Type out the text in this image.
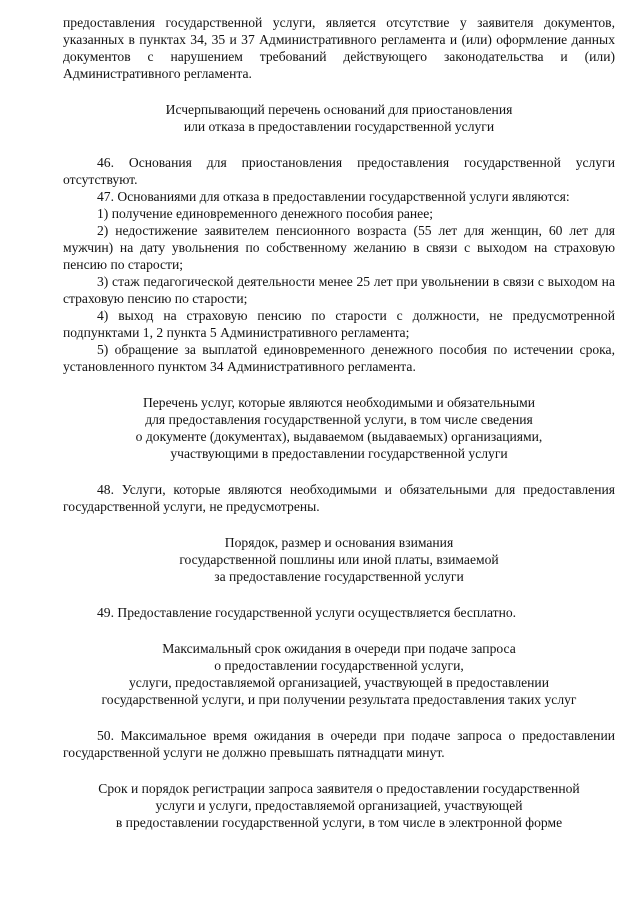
предоставления государственной услуги, является отсутствие у заявителя документов, указанных в пунктах 34, 35 и 37 Административного регламента и (или) оформление данных документов с нарушением требований действующего законодательства и (или) Административного регламента.

Исчерпывающий перечень оснований для приостановления
или отказа в предоставлении государственной услуги

46. Основания для приостановления предоставления государственной услуги отсутствуют.

47. Основаниями для отказа в предоставлении государственной услуги являются:

1) получение единовременного денежного пособия ранее;

2) недостижение заявителем пенсионного возраста (55 лет для женщин, 60 лет для мужчин) на дату увольнения по собственному желанию в связи с выходом на страховую пенсию по старости;

3) стаж педагогической деятельности менее 25 лет при увольнении в связи с выходом на страховую пенсию по старости;

4) выход на страховую пенсию по старости с должности, не предусмотренной подпунктами 1, 2 пункта 5 Административного регламента;

5) обращение за выплатой единовременного денежного пособия по истечении срока, установленного пунктом 34 Административного регламента.

Перечень услуг, которые являются необходимыми и обязательными
для предоставления государственной услуги, в том числе сведения
о документе (документах), выдаваемом (выдаваемых) организациями,
участвующими в предоставлении государственной услуги

48. Услуги, которые являются необходимыми и обязательными для предоставления государственной услуги, не предусмотрены.

Порядок, размер и основания взимания
государственной пошлины или иной платы, взимаемой
за предоставление государственной услуги

49. Предоставление государственной услуги осуществляется бесплатно.

Максимальный срок ожидания в очереди при подаче запроса
о предоставлении государственной услуги,
услуги, предоставляемой организацией, участвующей в предоставлении
государственной услуги, и при получении результата предоставления таких услуг

50. Максимальное время ожидания в очереди при подаче запроса о предоставлении государственной услуги не должно превышать пятнадцати минут.

Срок и порядок регистрации запроса заявителя о предоставлении государственной
услуги и услуги, предоставляемой организацией, участвующей
в предоставлении государственной услуги, в том числе в электронной форме
